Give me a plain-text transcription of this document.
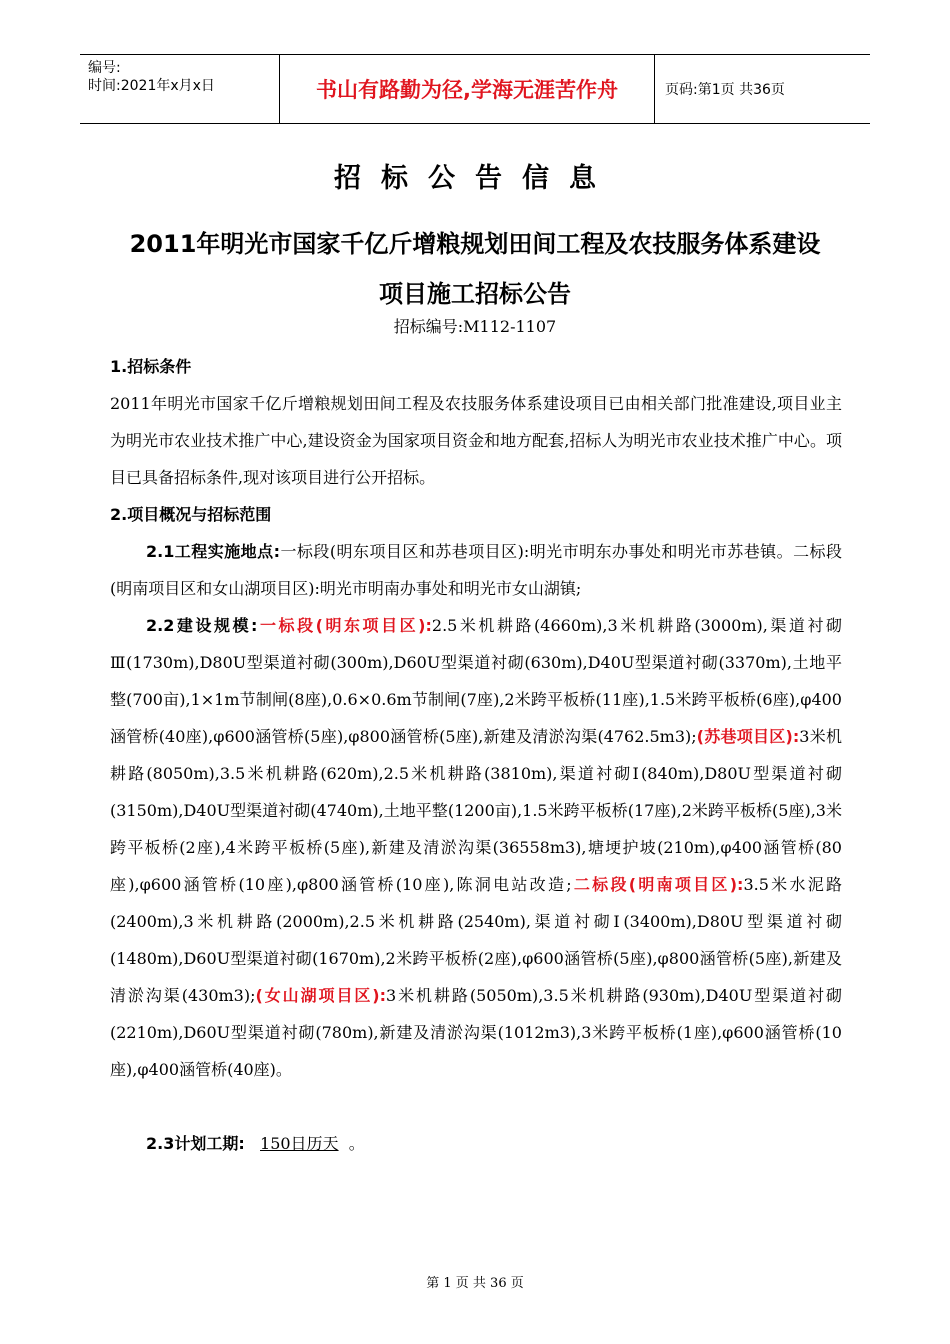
编号:
时间:2021年x月x日	书山有路勤为径,学海无涯苦作舟	页码:第1页 共36页
招标公告信息
2011年明光市国家千亿斤增粮规划田间工程及农技服务体系建设
项目施工招标公告
招标编号:M112-1107
1.招标条件
2011年明光市国家千亿斤增粮规划田间工程及农技服务体系建设项目已由相关部门批准建设,项目业主为明光市农业技术推广中心,建设资金为国家项目资金和地方配套,招标人为明光市农业技术推广中心。项目已具备招标条件,现对该项目进行公开招标。
2.项目概况与招标范围
2.1工程实施地点:一标段(明东项目区和苏巷项目区):明光市明东办事处和明光市苏巷镇。二标段(明南项目区和女山湖项目区):明光市明南办事处和明光市女山湖镇;
2.2建设规模:一标段(明东项目区):2.5米机耕路(4660m),3米机耕路(3000m),渠道衬砌Ⅲ(1730m),D80U型渠道衬砌(300m),D60U型渠道衬砌(630m),D40U型渠道衬砌(3370m),土地平整(700亩),1×1m节制闸(8座),0.6×0.6m节制闸(7座),2米跨平板桥(11座),1.5米跨平板桥(6座),φ400涵管桥(40座),φ600涵管桥(5座),φ800涵管桥(5座),新建及清淤沟渠(4762.5m3);(苏巷项目区):3米机耕路(8050m),3.5米机耕路(620m),2.5米机耕路(3810m),渠道衬砌Ⅰ(840m),D80U型渠道衬砌(3150m),D40U型渠道衬砌(4740m),土地平整(1200亩),1.5米跨平板桥(17座),2米跨平板桥(5座),3米跨平板桥(2座),4米跨平板桥(5座),新建及清淤沟渠(36558m3),塘埂护坡(210m),φ400涵管桥(80座),φ600涵管桥(10座),φ800涵管桥(10座),陈洞电站改造;二标段(明南项目区):3.5米水泥路(2400m),3米机耕路(2000m),2.5米机耕路(2540m),渠道衬砌Ⅰ(3400m),D80U型渠道衬砌(1480m),D60U型渠道衬砌(1670m),2米跨平板桥(2座),φ600涵管桥(5座),φ800涵管桥(5座),新建及清淤沟渠(430m3);(女山湖项目区):3米机耕路(5050m),3.5米机耕路(930m),D40U型渠道衬砌(2210m),D60U型渠道衬砌(780m),新建及清淤沟渠(1012m3),3米跨平板桥(1座),φ600涵管桥(10座),φ400涵管桥(40座)。
2.3计划工期: 150日历天 。
第 1 页 共 36 页
